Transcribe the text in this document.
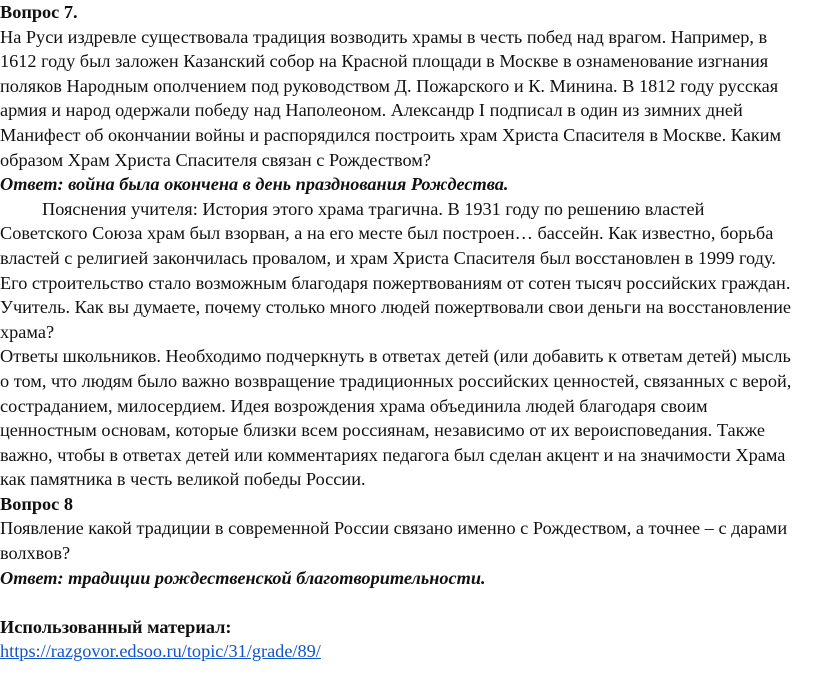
Вопрос 7.
На Руси издревле существовала традиция возводить храмы в честь побед над врагом. Например, в
1612 году был заложен Казанский собор на Красной площади в Москве в ознаменование изгнания
поляков Народным ополчением под руководством Д. Пожарского и К. Минина. В 1812 году русская
армия и народ одержали победу над Наполеоном. Александр I подписал в один из зимних дней
Манифест об окончании войны и распорядился построить храм Христа Спасителя в Москве. Каким
образом Храм Христа Спасителя связан с Рождеством?
Ответ: война была окончена в день празднования Рождества.
Пояснения учителя: История этого храма трагична. В 1931 году по решению властей
Советского Союза храм был взорван, а на его месте был построен… бассейн. Как известно, борьба
властей с религией закончилась провалом, и храм Христа Спасителя был восстановлен в 1999 году.
Его строительство стало возможным благодаря пожертвованиям от сотен тысяч российских граждан.
Учитель. Как вы думаете, почему столько много людей пожертвовали свои деньги на восстановление
храма?
Ответы школьников. Необходимо подчеркнуть в ответах детей (или добавить к ответам детей) мысль
о том, что людям было важно возвращение традиционных российских ценностей, связанных с верой,
состраданием, милосердием. Идея возрождения храма объединила людей благодаря своим
ценностным основам, которые близки всем россиянам, независимо от их вероисповедания. Также
важно, чтобы в ответах детей или комментариях педагога был сделан акцент и на значимости Храма
как памятника в честь великой победы России.
Вопрос 8
Появление какой традиции в современной России связано именно с Рождеством, а точнее – с дарами
волхвов?
Ответ: традиции рождественской благотворительности.
Использованный материал:
https://razgovor.edsoo.ru/topic/31/grade/89/
